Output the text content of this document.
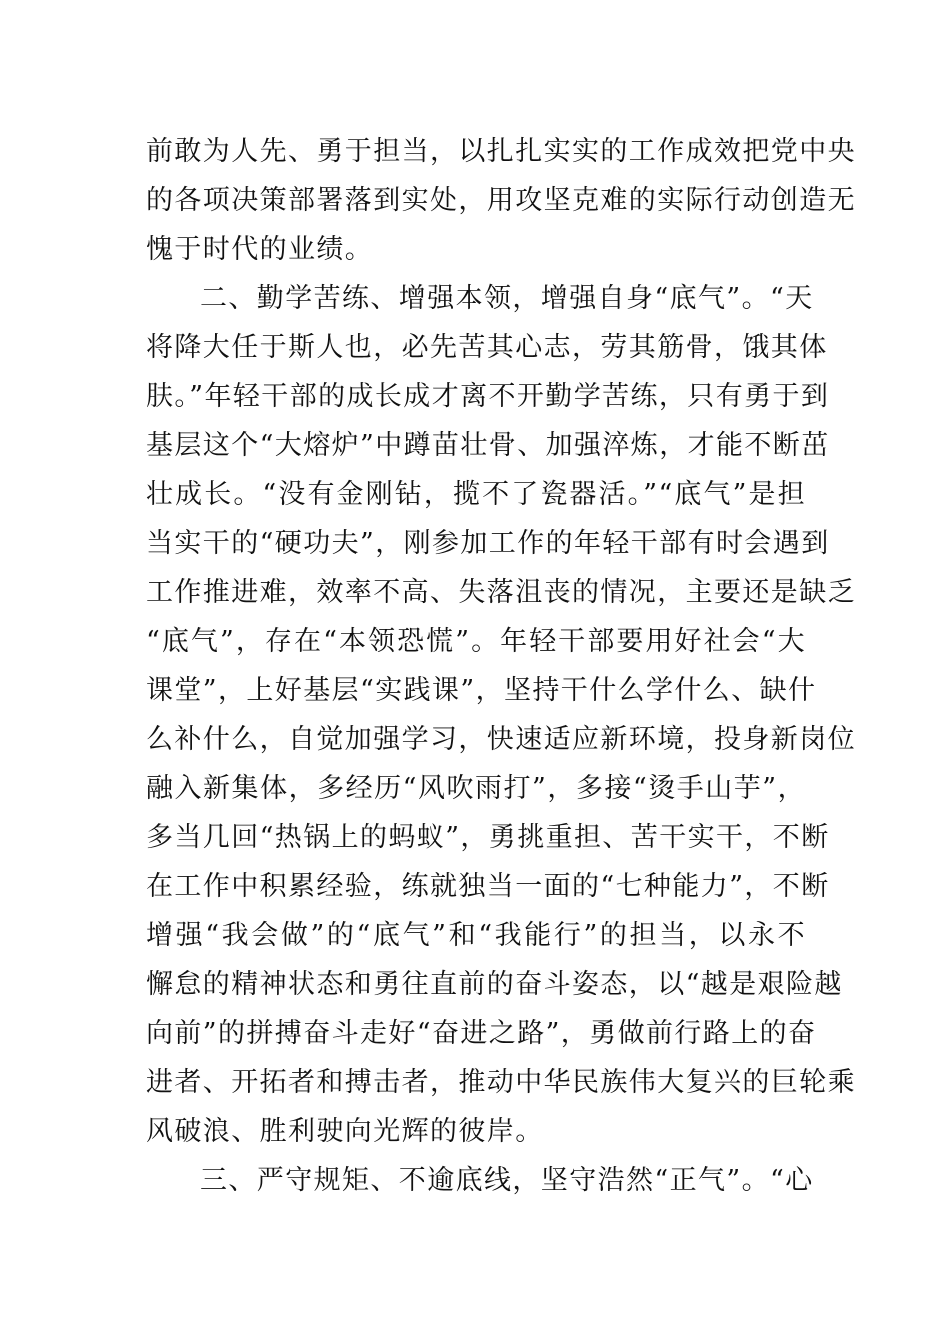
前敢为人先、勇于担当，以扎扎实实的工作成效把党中央
的各项决策部署落到实处，用攻坚克难的实际行动创造无
愧于时代的业绩。
二、勤学苦练、增强本领，增强自身“底气”。“天
将降大任于斯人也，必先苦其心志，劳其筋骨，饿其体
肤。”年轻干部的成长成才离不开勤学苦练，只有勇于到
基层这个“大熔炉”中蹲苗壮骨、加强淬炼，才能不断茁
壮成长。“没有金刚钻，揽不了瓷器活。”“底气”是担
当实干的“硬功夫”，刚参加工作的年轻干部有时会遇到
工作推进难，效率不高、失落沮丧的情况，主要还是缺乏
“底气”，存在“本领恐慌”。年轻干部要用好社会“大
课堂”，上好基层“实践课”，坚持干什么学什么、缺什
么补什么，自觉加强学习，快速适应新环境，投身新岗位
融入新集体，多经历“风吹雨打”，多接“烫手山芋”，
多当几回“热锅上的蚂蚁”，勇挑重担、苦干实干，不断
在工作中积累经验，练就独当一面的“七种能力”，不断
增强“我会做”的“底气”和“我能行”的担当，以永不
懈怠的精神状态和勇往直前的奋斗姿态，以“越是艰险越
向前”的拼搏奋斗走好“奋进之路”，勇做前行路上的奋
进者、开拓者和搏击者，推动中华民族伟大复兴的巨轮乘
风破浪、胜利驶向光辉的彼岸。
三、严守规矩、不逾底线，坚守浩然“正气”。“心
